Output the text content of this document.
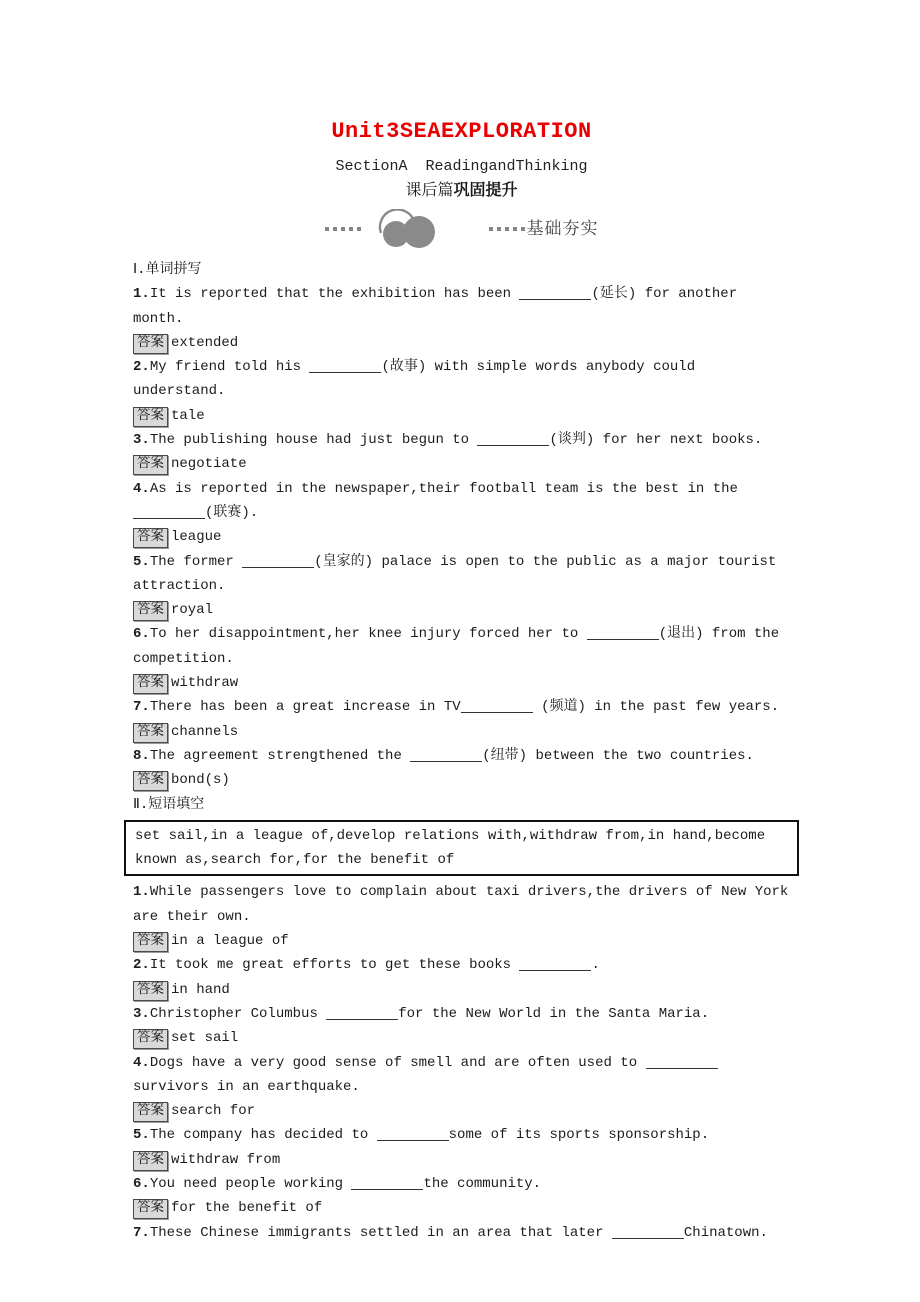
Unit3SEAEXPLORATION
SectionA  ReadingandThinking
课后篇巩固提升
基础夯实
Ⅰ.单词拼写
1.It is reported that the exhibition has been	(延长) for another month.
答案 extended
2.My friend told his	(故事) with simple words anybody could understand.
答案 tale
3.The publishing house had just begun to	(谈判) for her next books.
答案 negotiate
4.As is reported in the newspaper,their football team is the best in the (联赛).
答案 league
5.The former	(皇家的) palace is open to the public as a major tourist attraction.
答案 royal
6.To her disappointment,her knee injury forced her to	(退出) from the competition.
答案 withdraw
7.There has been a great increase in TV	(频道) in the past few years.
答案 channels
8.The agreement strengthened the	(纽带) between the two countries.
答案 bond(s)
Ⅱ.短语填空
set sail,in a league of,develop relations with,withdraw from,in hand,become known as,search for,for the benefit of
1.While passengers love to complain about taxi drivers,the drivers of New York are their own.
答案 in a league of
2.It took me great efforts to get these books	.
答案 in hand
3.Christopher Columbus	for the New World in the Santa Maria.
答案 set sail
4.Dogs have a very good sense of smell and are often used to survivors in an earthquake.
答案 search for
5.The company has decided to	some of its sports sponsorship.
答案 withdraw from
6.You need people working	the community.
答案 for the benefit of
7.These Chinese immigrants settled in an area that later	Chinatown.
